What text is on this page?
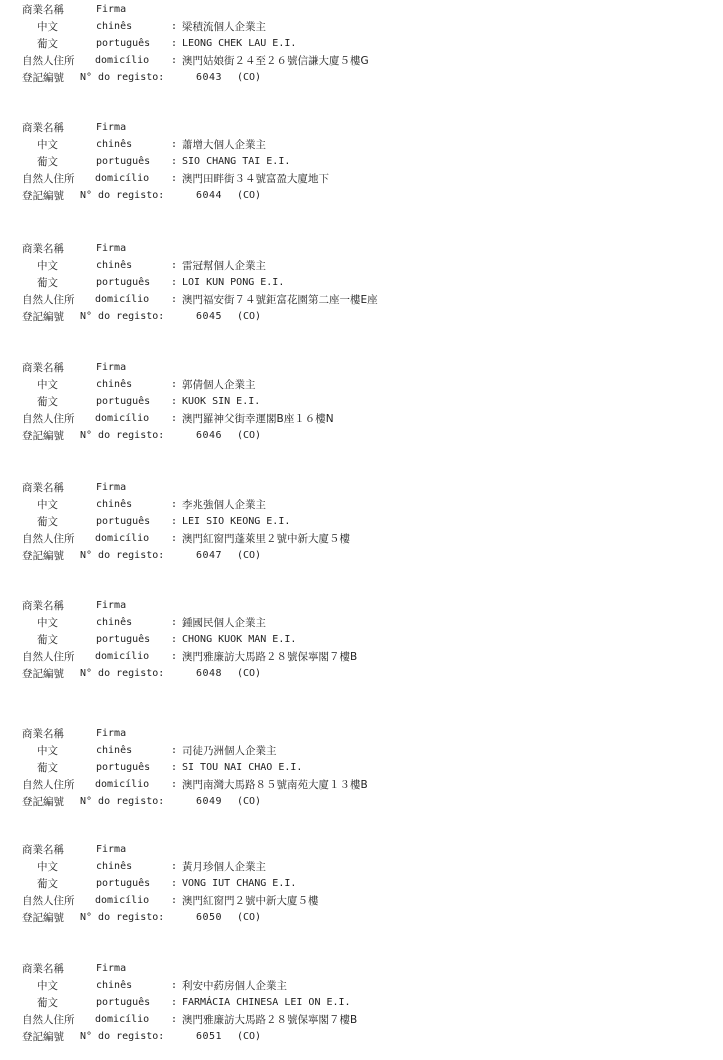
商業名稱	Firma
中文	chinês	: 梁積流個人企業主
葡文	português : LEONG CHEK LAU E.I.
自然人住所 domicílio : 澳門姑娘街２４至２６號信謙大廈５樓G
登記編號 N° do registo:	6043 (CO)
商業名稱	Firma
中文	chinês	: 蕭增大個人企業主
葡文	português : SIO CHANG TAI E.I.
自然人住所 domicílio : 澳門田畔街３４號富盈大廈地下
登記編號 N° do registo:	6044 (CO)
商業名稱	Firma
中文	chinês	: 雷冠幫個人企業主
葡文	português : LOI KUN PONG E.I.
自然人住所 domicílio : 澳門福安街７４號鉅富花園第二座一樓E座
登記編號 N° do registo:	6045 (CO)
商業名稱	Firma
中文	chinês	: 郭倩個人企業主
葡文	português : KUOK SIN E.I.
自然人住所 domicílio : 澳門羅神父街幸運閣B座１６樓N
登記編號 N° do registo:	6046 (CO)
商業名稱	Firma
中文	chinês	: 李兆強個人企業主
葡文	português : LEI SIO KEONG E.I.
自然人住所 domicílio : 澳門紅窗門蓬萊里２號中新大廈５樓
登記編號 N° do registo:	6047 (CO)
商業名稱	Firma
中文	chinês	: 鍾國民個人企業主
葡文	português : CHONG KUOK MAN E.I.
自然人住所 domicílio : 澳門雅廉訪大馬路２８號保寧閣７樓B
登記編號 N° do registo:	6048 (CO)
商業名稱	Firma
中文	chinês	: 司徒乃洲個人企業主
葡文	português : SI TOU NAI CHAO E.I.
自然人住所 domicílio : 澳門南灣大馬路８５號南苑大廈１３樓B
登記編號 N° do registo:	6049 (CO)
商業名稱	Firma
中文	chinês	: 黃月珍個人企業主
葡文	português : VONG IUT CHANG E.I.
自然人住所 domicílio : 澳門紅窗門２號中新大廈５樓
登記編號 N° do registo:	6050 (CO)
商業名稱	Firma
中文	chinês	: 利安中葯房個人企業主
葡文	português : FARMÁCIA CHINESA LEI ON E.I.
自然人住所 domicílio : 澳門雅廉訪大馬路２８號保寧閣７樓B
登記編號 N° do registo:	6051 (CO)
